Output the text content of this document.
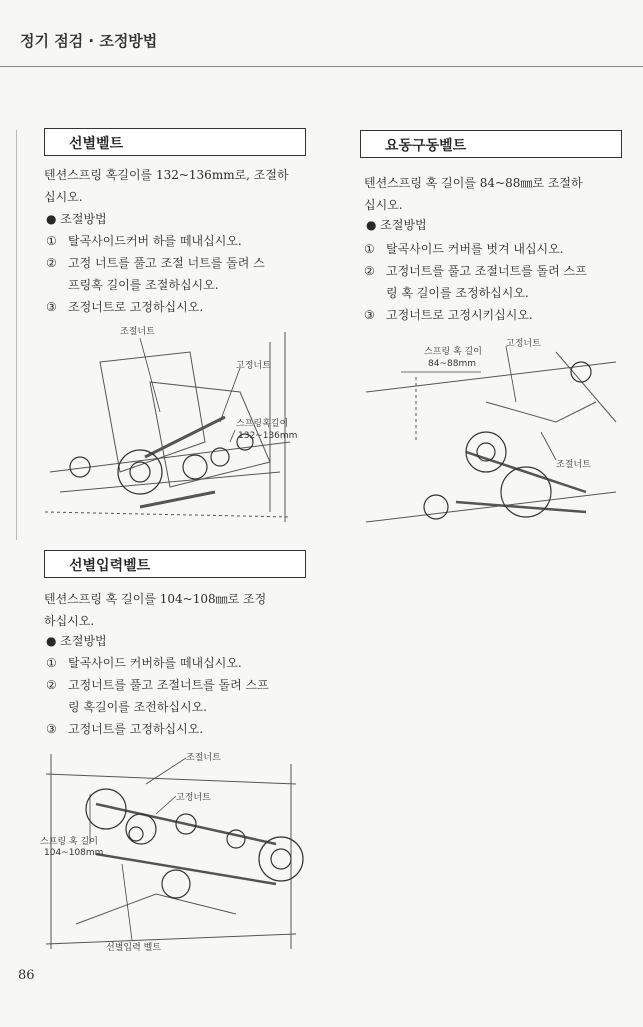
정기 점검 · 조정방법
선별벨트

텐션스프링 혹길이를 132~136mm로, 조절하

십시오.

● 조절방법
① 탈곡사이드커버 하를 떼내십시오.
② 고정 너트를 풀고 조절 너트를 돌려 스
프링혹 길이를 조절하십시오.
③ 조정너트로 고정하십시오.
조절너트
고정너트
스프링혹길이
132~136mm
선별입력벨트

텐션스프링 혹 길이를 104~108㎜로 조정

하십시오.

● 조절방법
① 탈곡사이드 커버하를 떼내십시오.
② 고정너트를 풀고 조절너트를 돌려 스프
링 혹길이를 조전하십시오.
③ 고정너트를 고정하십시오.
조절너트
고정너트
스프링 혹 길이
104~108mm
선별입력 벨트
요동구동벨트

텐션스프링 혹 길이를 84~88㎜로 조절하

십시오.

● 조절방법
① 탈곡사이드 커버를 벗겨 내십시오.
② 고정너트를 풀고 조절너트를 돌려 스프
링 혹 길이를 조정하십시오.
③ 고정너트로 고정시키십시오.
스프링 혹 길이
84~88mm
고정너트
조절너트
86
